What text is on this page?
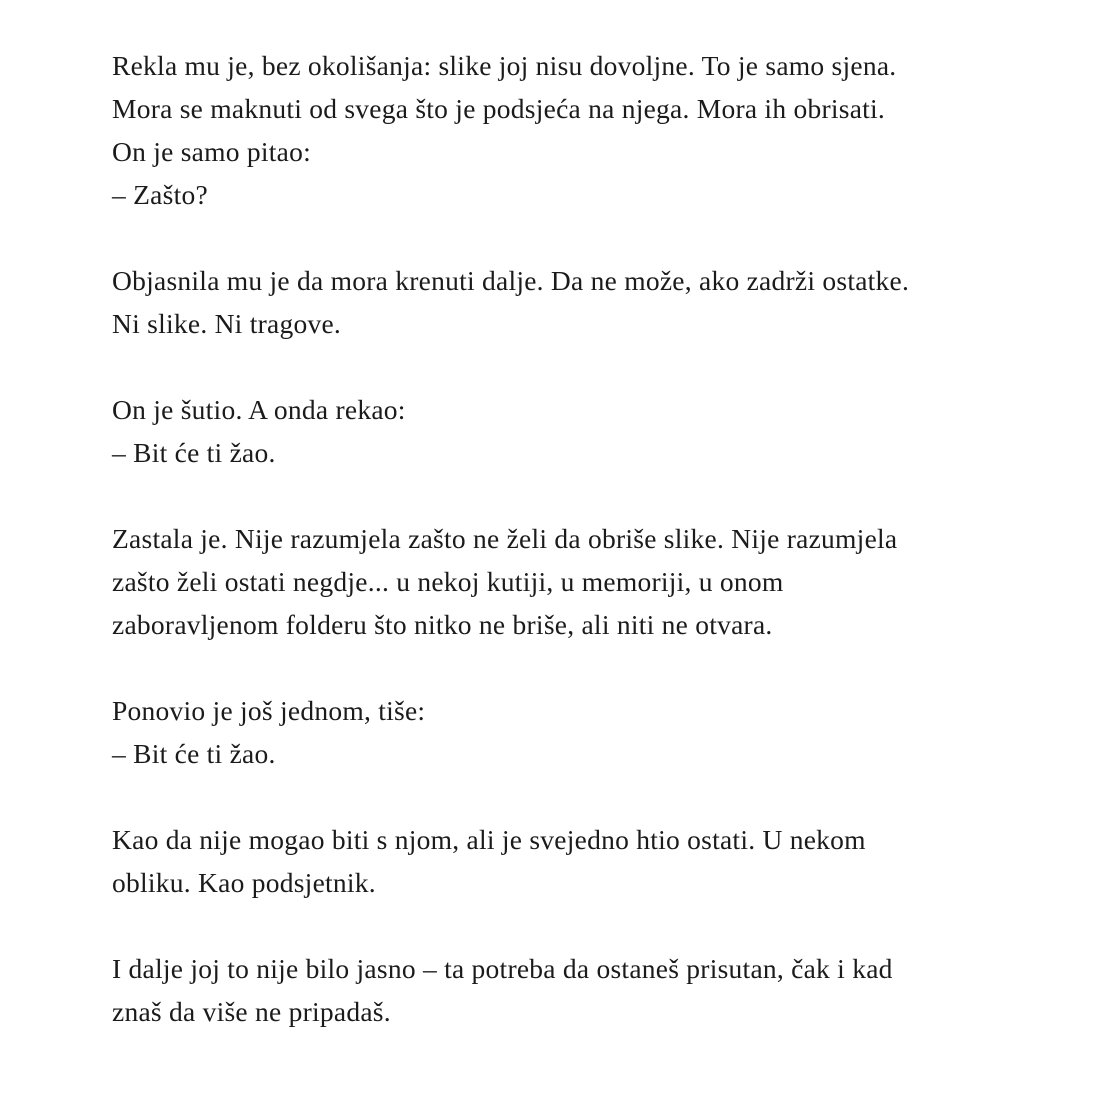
Rekla mu je, bez okolišanja: slike joj nisu dovoljne. To je samo sjena.
Mora se maknuti od svega što je podsjeća na njega. Mora ih obrisati.
On je samo pitao:
– Zašto?

Objasnila mu je da mora krenuti dalje. Da ne može, ako zadrži ostatke.
Ni slike. Ni tragove.

On je šutio. A onda rekao:
– Bit će ti žao.

Zastala je. Nije razumjela zašto ne želi da obriše slike. Nije razumjela
zašto želi ostati negdje... u nekoj kutiji, u memoriji, u onom
zaboravljenom folderu što nitko ne briše, ali niti ne otvara.

Ponovio je još jednom, tiše:
– Bit će ti žao.

Kao da nije mogao biti s njom, ali je svejedno htio ostati. U nekom
obliku. Kao podsjetnik.

I dalje joj to nije bilo jasno – ta potreba da ostaneš prisutan, čak i kad
znaš da više ne pripadaš.
